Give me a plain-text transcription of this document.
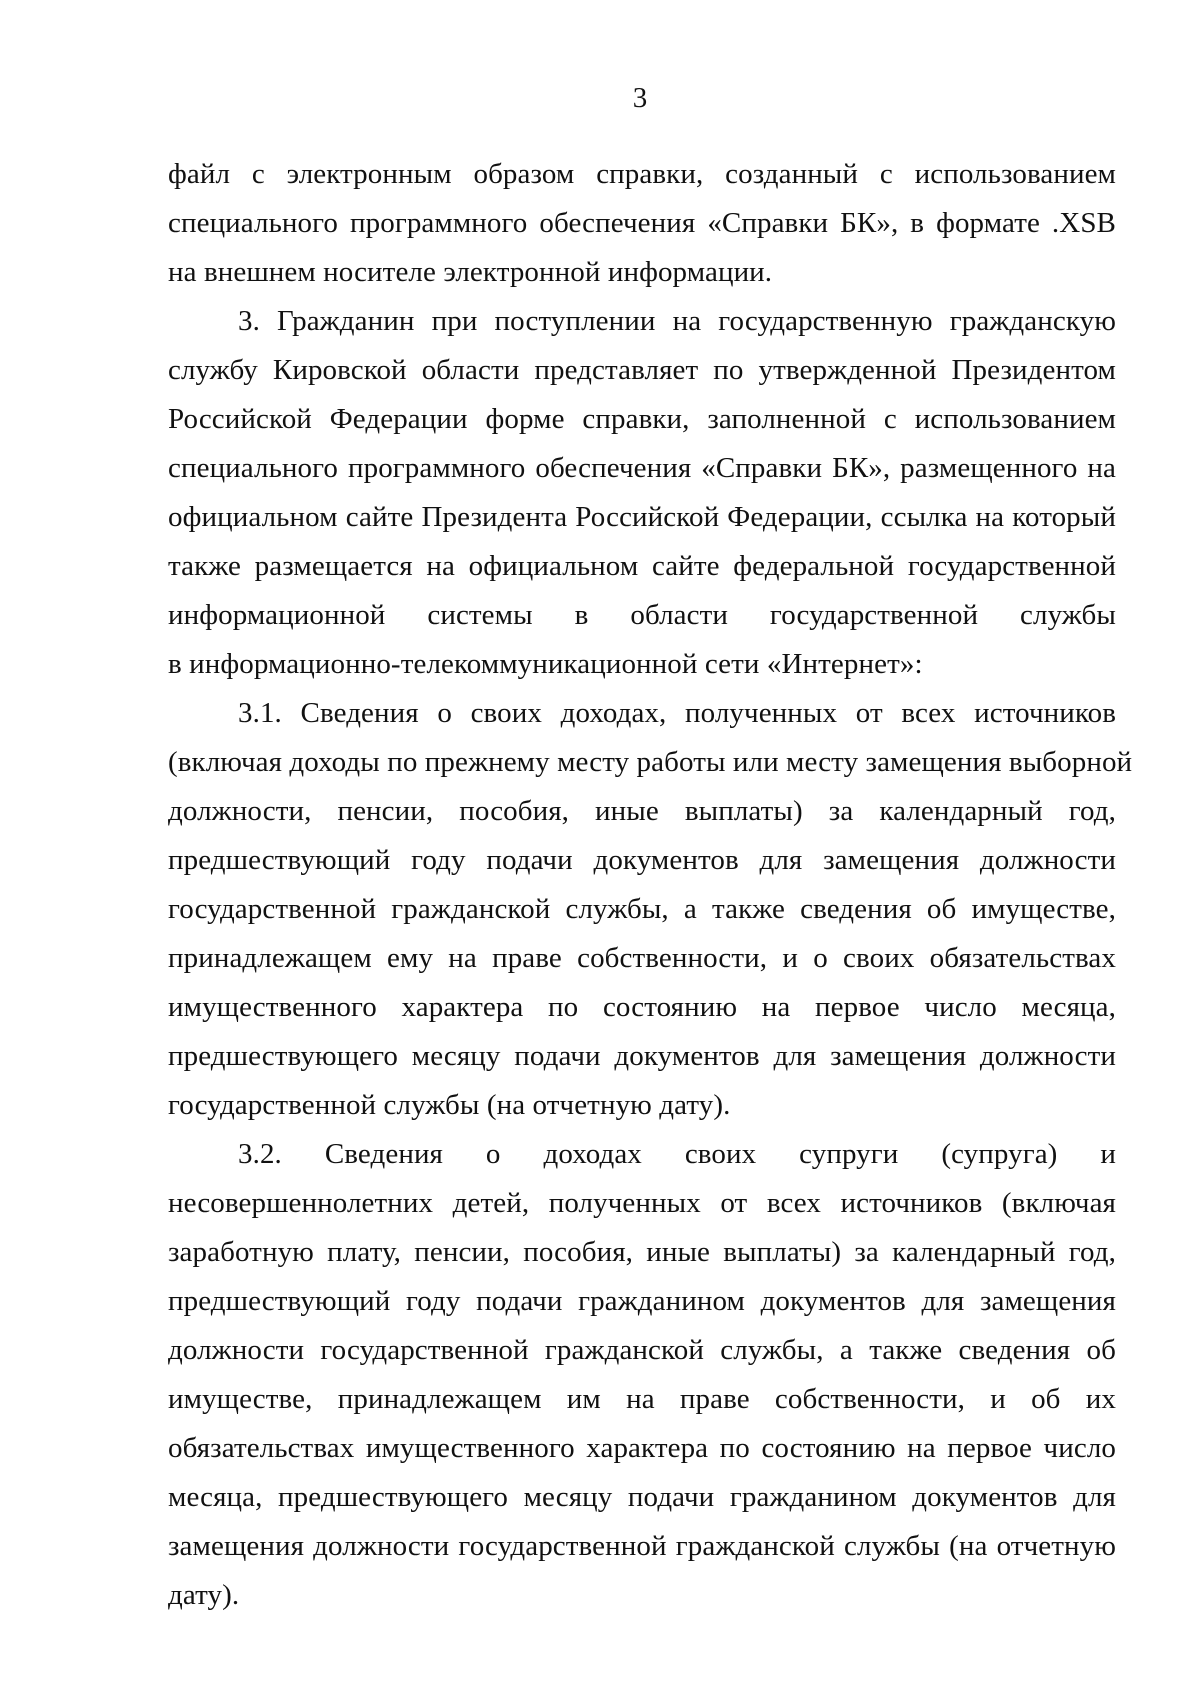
3

файл с электронным образом справки, созданный с использованием
специального программного обеспечения «Справки БК», в формате .XSB
на внешнем носителе электронной информации.

3. Гражданин при поступлении на государственную гражданскую
службу Кировской области представляет по утвержденной Президентом
Российской Федерации форме справки, заполненной с использованием
специального программного обеспечения «Справки БК», размещенного на
официальном сайте Президента Российской Федерации, ссылка на который
также размещается на официальном сайте федеральной государственной
информационной системы в области государственной службы
в информационно-телекоммуникационной сети «Интернет»:

3.1. Сведения о своих доходах, полученных от всех источников
(включая доходы по прежнему месту работы или месту замещения выборной
должности, пенсии, пособия, иные выплаты) за календарный год,
предшествующий году подачи документов для замещения должности
государственной гражданской службы, а также сведения об имуществе,
принадлежащем ему на праве собственности, и о своих обязательствах
имущественного характера по состоянию на первое число месяца,
предшествующего месяцу подачи документов для замещения должности
государственной службы (на отчетную дату).

3.2. Сведения о доходах своих супруги (супруга) и
несовершеннолетних детей, полученных от всех источников (включая
заработную плату, пенсии, пособия, иные выплаты) за календарный год,
предшествующий году подачи гражданином документов для замещения
должности государственной гражданской службы, а также сведения об
имуществе, принадлежащем им на праве собственности, и об их
обязательствах имущественного характера по состоянию на первое число
месяца, предшествующего месяцу подачи гражданином документов для
замещения должности государственной гражданской службы (на отчетную
дату).
